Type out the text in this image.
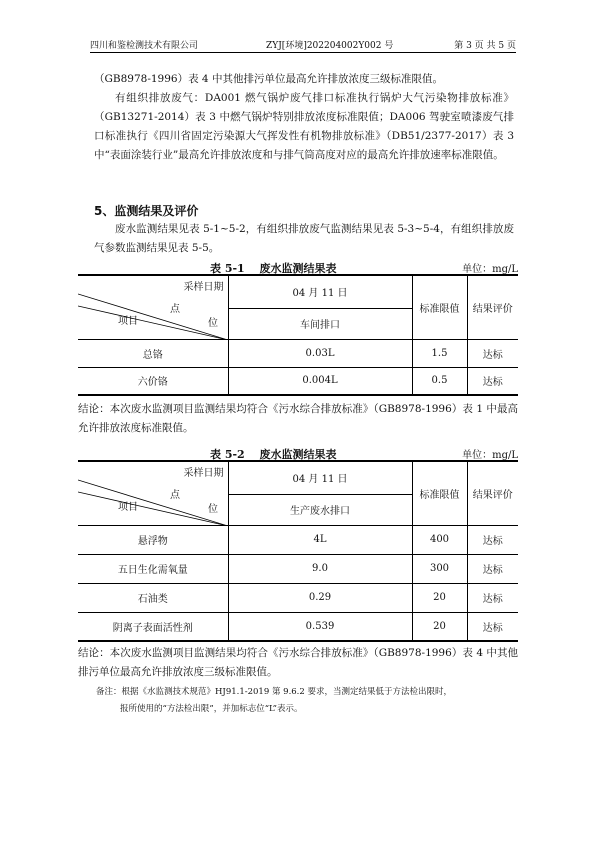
四川和鉴检测技术有限公司	ZYJ[环境]202204002Y002 号	第 3 页 共 5 页

（GB8978-1996）表 4 中其他排污单位最高允许排放浓度三级标准限值。

有组织排放废气：DA001 燃气锅炉废气排口标准执行锅炉大气污染物排放标准》（GB13271-2014）表 3 中燃气锅炉特别排放浓度标准限值；DA006 驾驶室喷漆废气排口标准执行《四川省固定污染源大气挥发性有机物排放标准》（DB51/2377-2017）表 3 中“表面涂装行业”最高允许排放浓度和与排气筒高度对应的最高允许排放速率标准限值。

5、监测结果及评价

废水监测结果见表 5-1~5-2，有组织排放废气监测结果见表 5-3~5-4，有组织排放废气参数监测结果见表 5-5。

表 5-1　 废水监测结果表	单位：mg/L
采样日期
点
项目 位	04 月 11 日	标准限值	结果评价
	车间排口		
总铬	0.03L	1.5	达标
六价铬	0.004L	0.5	达标

结论：本次废水监测项目监测结果均符合《污水综合排放标准》（GB8978-1996）表 1 中最高允许排放浓度标准限值。

表 5-2　 废水监测结果表	单位：mg/L
采样日期
点
项目 位	04 月 11 日	标准限值	结果评价
	生产废水排口		
悬浮物	4L	400	达标
五日生化需氧量	9.0	300	达标
石油类	0.29	20	达标
阴离子表面活性剂	0.539	20	达标

结论：本次废水监测项目监测结果均符合《污水综合排放标准》（GB8978-1996）表 4 中其他排污单位最高允许排放浓度三级标准限值。

备注：根据《水监测技术规范》HJ91.1-2019 第 9.6.2 要求，当测定结果低于方法检出限时，

报所使用的“方法检出限”，并加标志位“L”表示。
